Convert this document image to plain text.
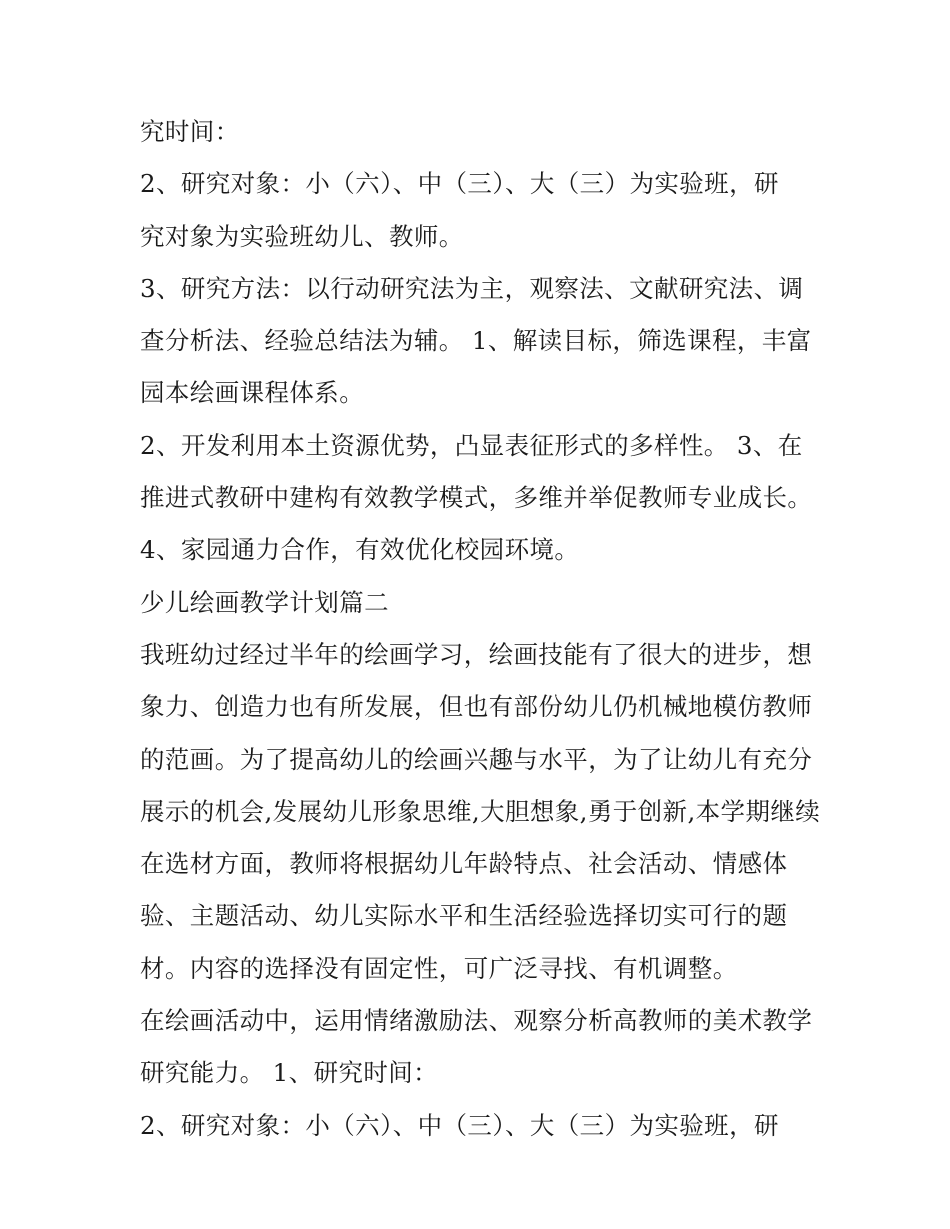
究时间：
2、研究对象：小（六）、中（三）、大（三）为实验班，研
究对象为实验班幼儿、教师。
3、研究方法：以行动研究法为主，观察法、文献研究法、调
查分析法、经验总结法为辅。 1、解读目标，筛选课程，丰富
园本绘画课程体系。
2、开发利用本土资源优势，凸显表征形式的多样性。 3、在
推进式教研中建构有效教学模式，多维并举促教师专业成长。
4、家园通力合作，有效优化校园环境。
少儿绘画教学计划篇二
我班幼过经过半年的绘画学习，绘画技能有了很大的进步，想
象力、创造力也有所发展，但也有部份幼儿仍机械地模仿教师
的范画。为了提高幼儿的绘画兴趣与水平，为了让幼儿有充分
展示的机会,发展幼儿形象思维,大胆想象,勇于创新,本学期继续
在选材方面，教师将根据幼儿年龄特点、社会活动、情感体
验、主题活动、幼儿实际水平和生活经验选择切实可行的题
材。内容的选择没有固定性，可广泛寻找、有机调整。
在绘画活动中，运用情绪激励法、观察分析高教师的美术教学
研究能力。 1、研究时间：
2、研究对象：小（六）、中（三）、大（三）为实验班，研
